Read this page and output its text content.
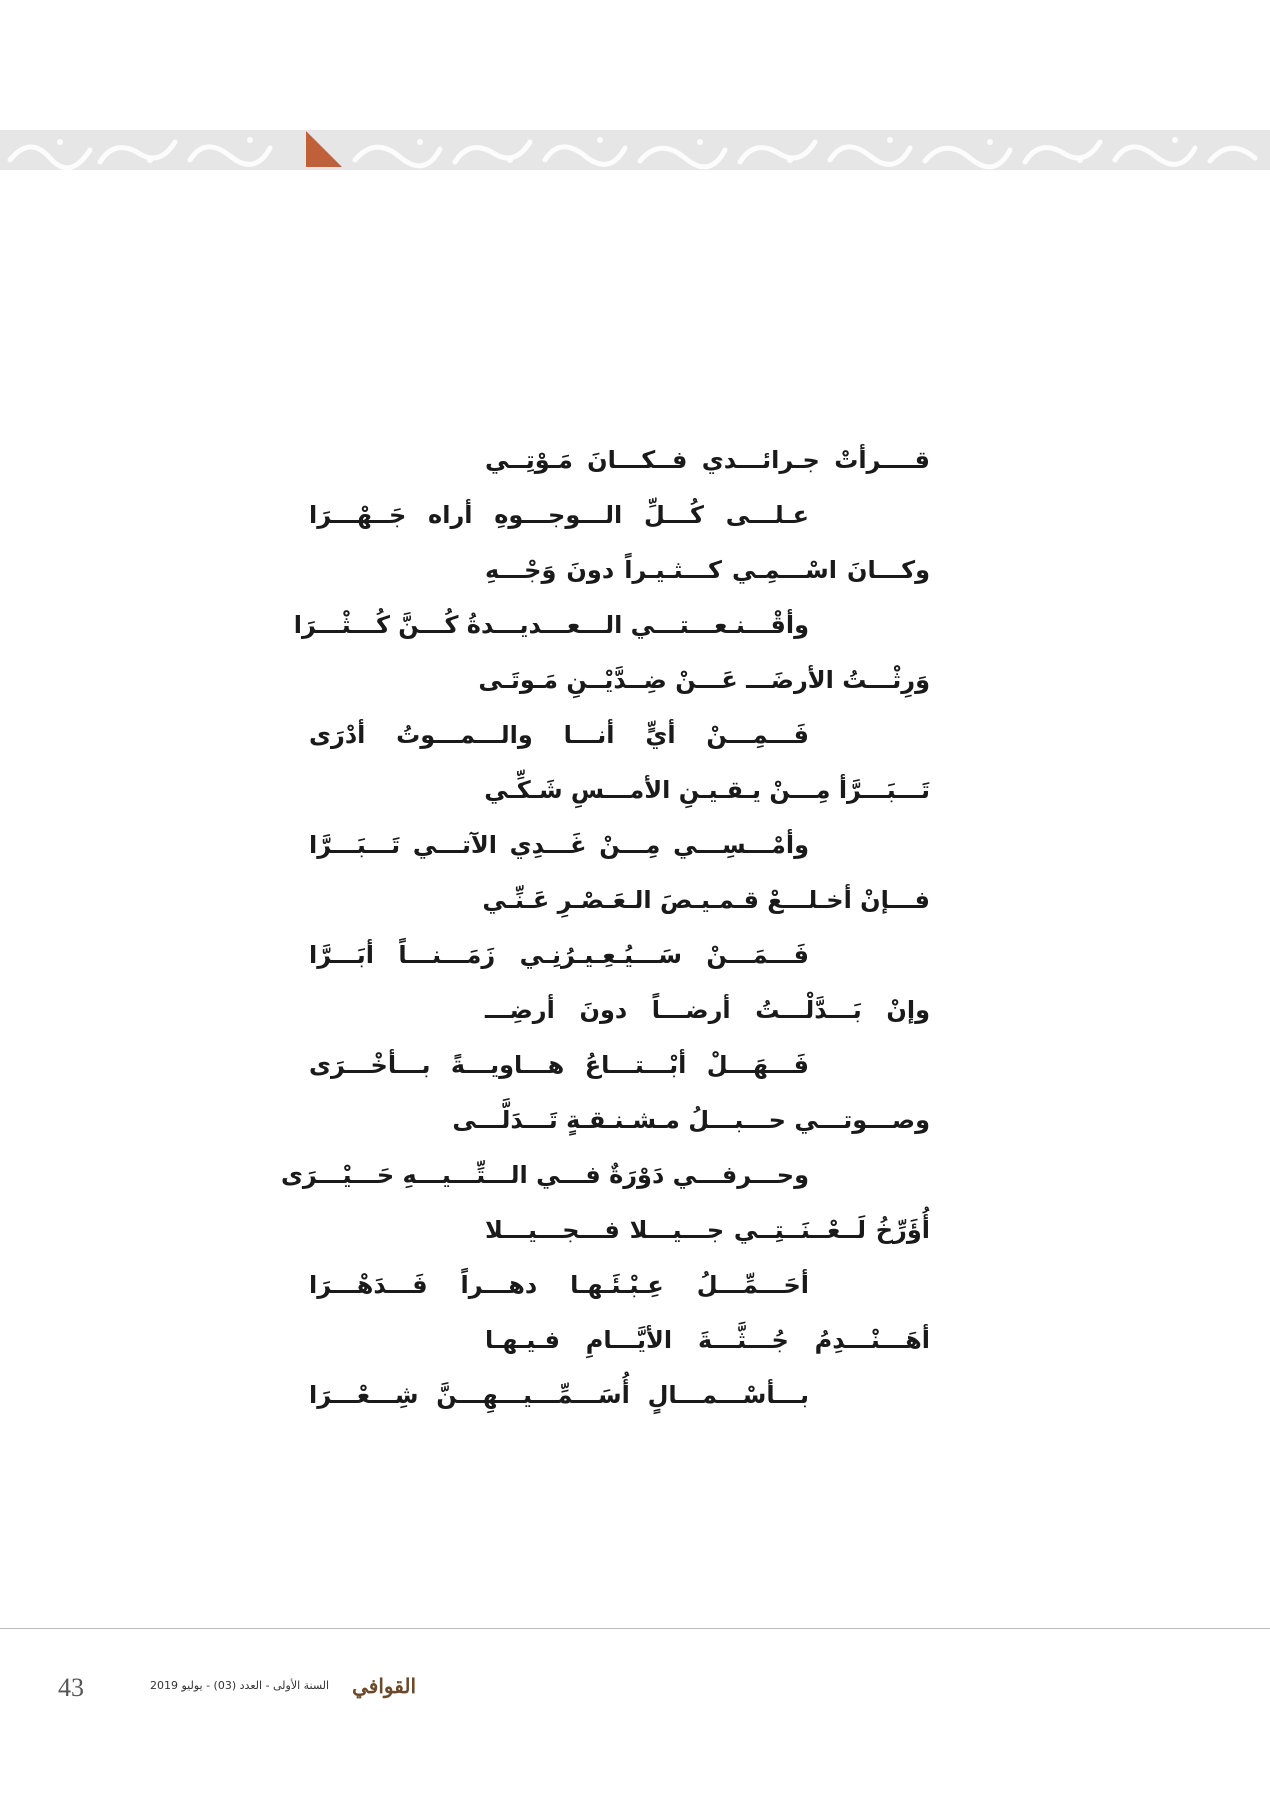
قــــرأتْ جـرائـــدي فــكـــانَ مَـوْتِــي
عـلـــى كُـــلِّ الـــوجـــوهِ أراه جَــهْـــرَا
وكـــانَ اسْـــمِـي كـــثـيـراً دونَ وَجْـــهِ
وأقْـــنـعـــتـــي الـــعـــديـــدةُ كُـــنَّ كُـــثْـــرَا
وَرِثْـــتُ الأرضَـــ عَـــنْ ضِــدَّيْــنِ مَـوتَـى
فَـــمِـــنْ أيٍّ أنـــا والـــمـــوتُ أدْرَى
تَـــبَـــرَّأ مِـــنْ يـقـيـنِ الأمـــسِ شَـكِّـي
وأمْـــسِـــي مِـــنْ غَـــدِي الآتـــي تَـــبَـــرَّا
فـــإنْ أخـلـــعْ قـمـيـصَ الـعَـصْـرِ عَـنِّـي
فَـــمَـــنْ سَـــيُـعِـيـرُنِـي زَمَـــنـــاً أبَـــرَّا
وإنْ بَـــدَّلْـــتُ أرضـــاً دونَ أرضِـــ
فَـــهَـــلْ أبْـــتـــاعُ هـــاويـــةً بـــأخْـــرَى
وصـــوتـــي حـــبـــلُ مـشـنـقـةٍ تَـــدَلَّـــى
وحـــرفـــي دَوْرَةٌ فـــي الـــتِّـــيـــهِ حَـــيْـــرَى
أُؤَرِّخُ لَــعْــنَــتِــي جـــيـــلا فـــجـــيـــلا
أحَـــمِّـــلُ عِـبْـئَـهـا دهـــراً فَـــدَهْـــرَا
أهَـــنْـــدِمُ جُـــثَّـــةَ الأيَّـــامِ فـيـهـا
بـــأسْـــمـــالٍ أُسَـــمِّـــيـــهِـــنَّ شِـــعْـــرَا
43	السنة الأولى - العدد (03) - يوليو 2019	القوافي
